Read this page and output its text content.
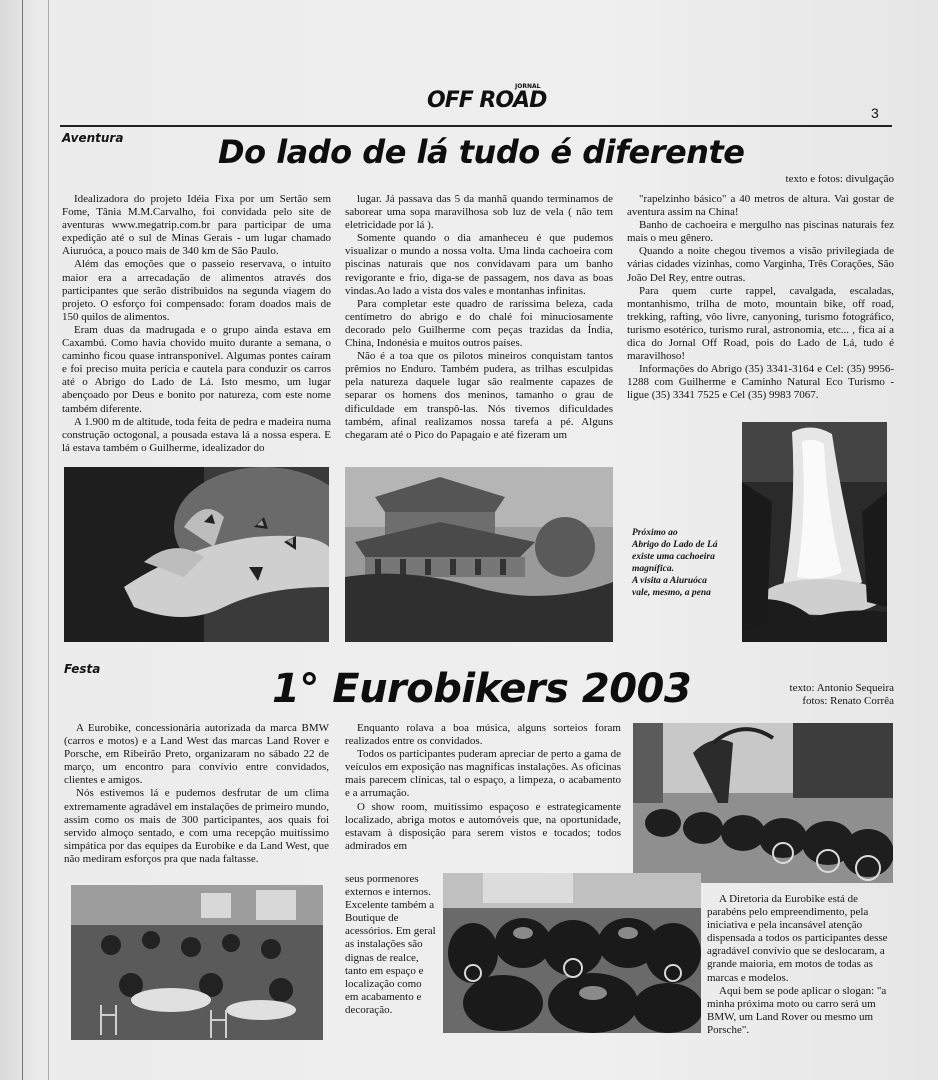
JORNAL
OFF ROAD	3
Aventura	Do lado de lá tudo é diferente
texto e fotos: divulgação

Idealizadora do projeto Idéia Fixa por um Sertão sem Fome, Tânia M.M.Carvalho, foi convidada pelo site de aventuras www.megatrip.com.br para participar de uma expedição até o sul de Minas Gerais - um lugar chamado Aiuruóca, a pouco mais de 340 km de São Paulo.

Além das emoções que o passeio reservava, o intuito maior era a arrecadação de alimentos através dos participantes que serão distribuidos na segunda viagem do projeto. O esforço foi compensado: foram doados mais de 150 quilos de alimentos.

Eram duas da madrugada e o grupo ainda estava em Caxambú. Como havia chovido muito durante a semana, o caminho ficou quase intransponível. Algumas pontes caíram e foi preciso muita perícia e cautela para conduzir os carros até o Abrigo do Lado de Lá. Isto mesmo, um lugar abençoado por Deus e bonito por natureza, com este nome também diferente.

A 1.900 m de altitude, toda feita de pedra e madeira numa construção octogonal, a pousada estava lá a nossa espera. E lá estava também o Guilherme, idealizador do

lugar. Já passava das 5 da manhã quando terminamos de saborear uma sopa maravilhosa sob luz de vela ( não tem eletricidade por lá ).

Somente quando o dia amanheceu é que pudemos visualizar o mundo a nossa volta. Uma linda cachoeira com piscinas naturais que nos convidavam para um banho revigorante e frio, diga-se de passagem, nos dava as boas vindas.Ao lado a vista dos vales e montanhas infinitas.

Para completar este quadro de raríssima beleza, cada centímetro do abrigo e do chalé foi minuciosamente decorado pelo Guilherme com peças trazidas da Índia, China, Indonésia e muitos outros países.

Não é a toa que os pilotos mineiros conquistam tantos prêmios no Enduro. Também pudera, as trilhas esculpidas pela natureza daquele lugar são realmente capazes de separar os homens dos meninos, tamanho o grau de dificuldade em transpô-las. Nós tivemos dificuldades também, afinal realizamos nossa tarefa a pé. Alguns chegaram até o Pico do Papagaio e até fizeram um

"rapelzinho básico" a 40 metros de altura. Vai gostar de aventura assim na China!

Banho de cachoeira e mergulho nas piscinas naturais fez mais o meu gênero.

Quando a noite chegou tivemos a visão privilegiada de várias cidades vizinhas, como Varginha, Três Corações, São João Del Rey, entre outras.

Para quem curte rappel, cavalgada, escaladas, montanhismo, trilha de moto, mountain bike, off road, trekking, rafting, vôo livre, canyoning, turismo fotográfico, turismo esotérico, turismo rural, astronomia, etc... , fica aí a dica do Jornal Off Road, pois do Lado de Lá, tudo é maravilhoso!

Informações do Abrigo (35) 3341-3164 e Cel: (35) 9956-1288 com Guilherme e Caminho Natural Eco Turismo - ligue (35) 3341 7525 e Cel (35) 9983 7067.

Próximo ao
Abrigo do Lado de Lá
existe uma cachoeira
magnífica.
A visita a Aiuruóca
vale, mesmo, a pena
Festa	1° Eurobikers 2003	texto: Antonio Sequeira
fotos: Renato Corrêa

A Eurobike, concessionária autorizada da marca BMW (carros e motos) e a Land West das marcas Land Rover e Porsche, em Ribeirão Preto, organizaram no sábado 22 de março, um encontro para convívio entre convidados, clientes e amigos.

Nós estivemos lá e pudemos desfrutar de um clima extremamente agradável em instalações de primeiro mundo, assim como os mais de 300 participantes, aos quais foi servido almoço sentado, e com uma recepção muitíssimo simpática por das equipes da Eurobike e da Land West, que não mediram esforços pra que nada faltasse.

Enquanto rolava a boa música, alguns sorteios foram realizados entre os convidados.

Todos os participantes puderam apreciar de perto a gama de veículos em exposição nas magníficas instalações. As oficinas mais parecem clínicas, tal o espaço, a limpeza, o acabamento e a arrumação.

O show room, muitíssimo espaçoso e estrategicamente localizado, abriga motos e automóveis que, na oportunidade, estavam à disposição para serem vistos e tocados; todos admirados em

seus pormenores externos e internos. Excelente também a Boutique de acessórios. Em geral as instalações são dignas de realce, tanto em espaço e localização como em acabamento e decoração.

A Diretoria da Eurobike está de parabéns pelo empreendimento, pela iniciativa e pela incansável atenção dispensada a todos os participantes desse agradável convívio que se deslocaram, a grande maioria, em motos de todas as marcas e modelos.

Aqui bem se pode aplicar o slogan: "a minha próxima moto ou carro será um BMW, um Land Rover ou mesmo um Porsche".
